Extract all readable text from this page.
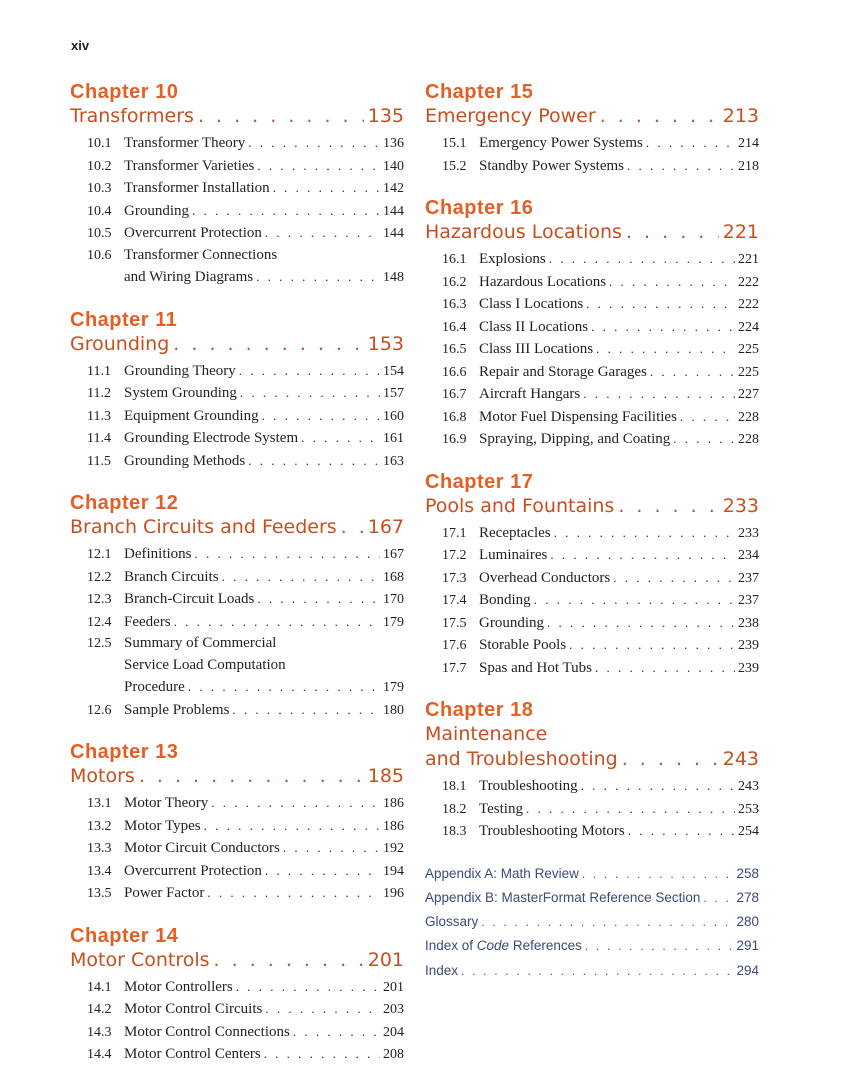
xiv
Chapter 10
Transformers . . .	135
10.1 Transformer Theory . . .	136
10.2 Transformer Varieties . . .	140
10.3 Transformer Installation . . .	142
10.4 Grounding . . .	144
10.5 Overcurrent Protection . . .	144
10.6 Transformer Connections
and Wiring Diagrams . . .	148
Chapter 11
Grounding . . .	153
11.1 Grounding Theory . . .	154
11.2 System Grounding . . .	157
11.3 Equipment Grounding . . .	160
11.4 Grounding Electrode System . . .	161
11.5 Grounding Methods . . .	163
Chapter 12
Branch Circuits and Feeders . . . 167
12.1 Definitions . . .	167
12.2 Branch Circuits . . .	168
12.3 Branch-Circuit Loads . . .	170
12.4 Feeders . . .	179
12.5 Summary of Commercial
Service Load Computation
Procedure . . .	179
12.6 Sample Problems . . .	180
Chapter 13
Motors . . .	185
13.1 Motor Theory . . .	186
13.2 Motor Types . . .	186
13.3 Motor Circuit Conductors . . .	192
13.4 Overcurrent Protection . . .	194
13.5 Power Factor . . .	196
Chapter 14
Motor Controls . . .	201
14.1 Motor Controllers . . .	201
14.2 Motor Control Circuits . . .	203
14.3 Motor Control Connections . . .	204
14.4 Motor Control Centers . . .	208
Chapter 15
Emergency Power . . .	213
15.1 Emergency Power Systems . . .	214
15.2 Standby Power Systems . . .	218
Chapter 16
Hazardous Locations . . .	221
16.1 Explosions . . .	221
16.2 Hazardous Locations . . .	222
16.3 Class I Locations . . .	222
16.4 Class II Locations . . .	224
16.5 Class III Locations . . .	225
16.6 Repair and Storage Garages . . .	225
16.7 Aircraft Hangars . . .	227
16.8 Motor Fuel Dispensing Facilities . . .	228
16.9 Spraying, Dipping, and Coating . . .	228
Chapter 17
Pools and Fountains . . .	233
17.1 Receptacles . . .	233
17.2 Luminaires . . .	234
17.3 Overhead Conductors . . .	237
17.4 Bonding . . .	237
17.5 Grounding . . .	238
17.6 Storable Pools . . .	239
17.7 Spas and Hot Tubs . . .	239
Chapter 18
Maintenance
and Troubleshooting . . .	243
18.1 Troubleshooting . . .	243
18.2 Testing . . .	253
18.3 Troubleshooting Motors . . .	254
Appendix A: Math Review . . .	258
Appendix B: MasterFormat Reference Section . . .	278
Glossary . . .	280
Index of Code References . . .	291
Index . . .	294
